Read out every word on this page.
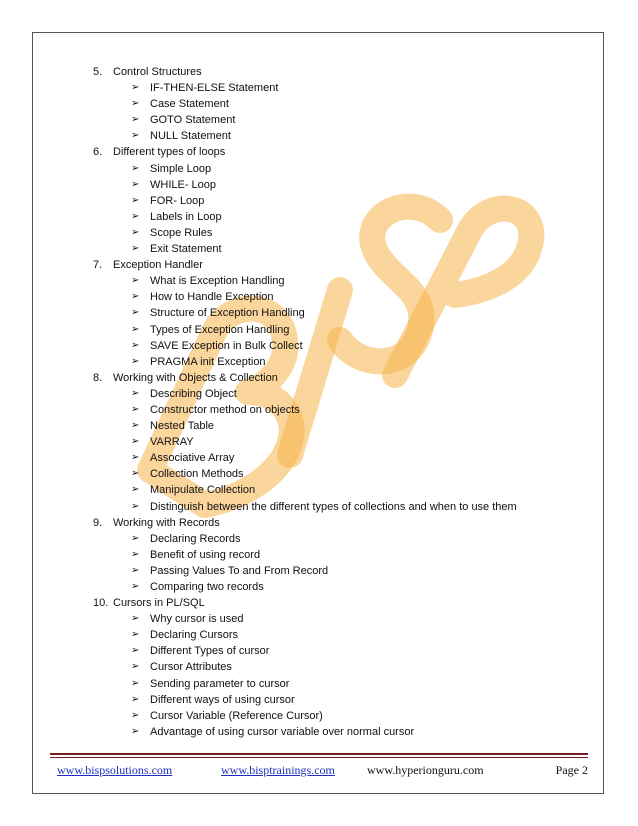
5. Control Structures
➢ IF-THEN-ELSE Statement
➢ Case Statement
➢ GOTO Statement
➢ NULL Statement
6. Different types of loops
➢ Simple Loop
➢ WHILE- Loop
➢ FOR- Loop
➢ Labels in Loop
➢ Scope Rules
➢ Exit Statement
7. Exception Handler
➢ What is Exception Handling
➢ How to Handle Exception
➢ Structure of Exception Handling
➢ Types of Exception Handling
➢ SAVE Exception in Bulk Collect
➢ PRAGMA init Exception
8. Working with Objects & Collection
➢ Describing Object
➢ Constructor method on objects
➢ Nested Table
➢ VARRAY
➢ Associative Array
➢ Collection Methods
➢ Manipulate Collection
➢ Distinguish between the different types of collections and when to use them
9. Working with Records
➢ Declaring Records
➢ Benefit of using record
➢ Passing Values To and From Record
➢ Comparing two records
10. Cursors in PL/SQL
➢ Why cursor is used
➢ Declaring Cursors
➢ Different Types of cursor
➢ Cursor Attributes
➢ Sending parameter to cursor
➢ Different ways of using cursor
➢ Cursor Variable (Reference Cursor)
➢ Advantage of using cursor variable over normal cursor
www.bispsolutions.com	www.bisptrainings.com	www.hyperionguru.com	Page 2
